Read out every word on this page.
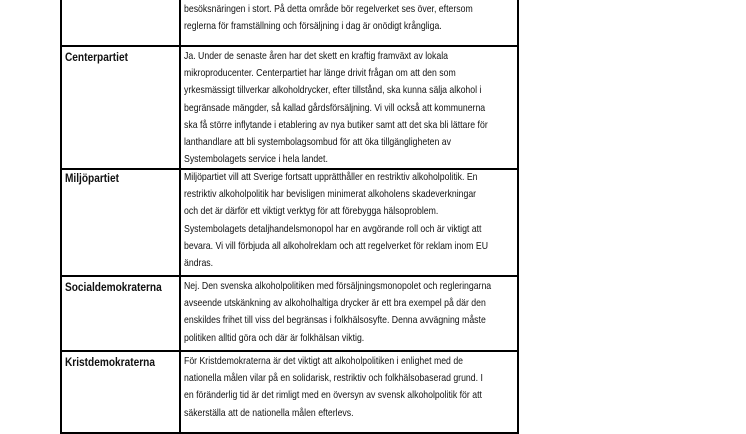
besöksnäringen i stort. På detta område bör regelverket ses över, eftersom
reglerna för framställning och försäljning i dag är onödigt krångliga.
Centerpartiet	Ja. Under de senaste åren har det skett en kraftig framväxt av lokala
mikroproducenter. Centerpartiet har länge drivit frågan om att den som
yrkesmässigt tillverkar alkoholdrycker, efter tillstånd, ska kunna sälja alkohol i
begränsade mängder, så kallad gårdsförsäljning. Vi vill också att kommunerna
ska få större inflytande i etablering av nya butiker samt att det ska bli lättare för
lanthandlare att bli systembolagsombud för att öka tillgängligheten av
Systembolagets service i hela landet.
Miljöpartiet	Miljöpartiet vill att Sverige fortsatt upprätthåller en restriktiv alkoholpolitik. En
restriktiv alkoholpolitik har bevisligen minimerat alkoholens skadeverkningar
och det är därför ett viktigt verktyg för att förebygga hälsoproblem.
Systembolagets detaljhandelsmonopol har en avgörande roll och är viktigt att
bevara. Vi vill förbjuda all alkoholreklam och att regelverket för reklam inom EU
ändras.
Socialdemokraterna Nej. Den svenska alkoholpolitiken med försäljningsmonopolet och regleringarna
avseende utskänkning av alkoholhaltiga drycker är ett bra exempel på där den
enskildes frihet till viss del begränsas i folkhälsosyfte. Denna avvägning måste
politiken alltid göra och där är folkhälsan viktig.
Kristdemokraterna	För Kristdemokraterna är det viktigt att alkoholpolitiken i enlighet med de
nationella målen vilar på en solidarisk, restriktiv och folkhälsobaserad grund. I
en föränderlig tid är det rimligt med en översyn av svensk alkoholpolitik för att
säkerställa att de nationella målen efterlevs.
